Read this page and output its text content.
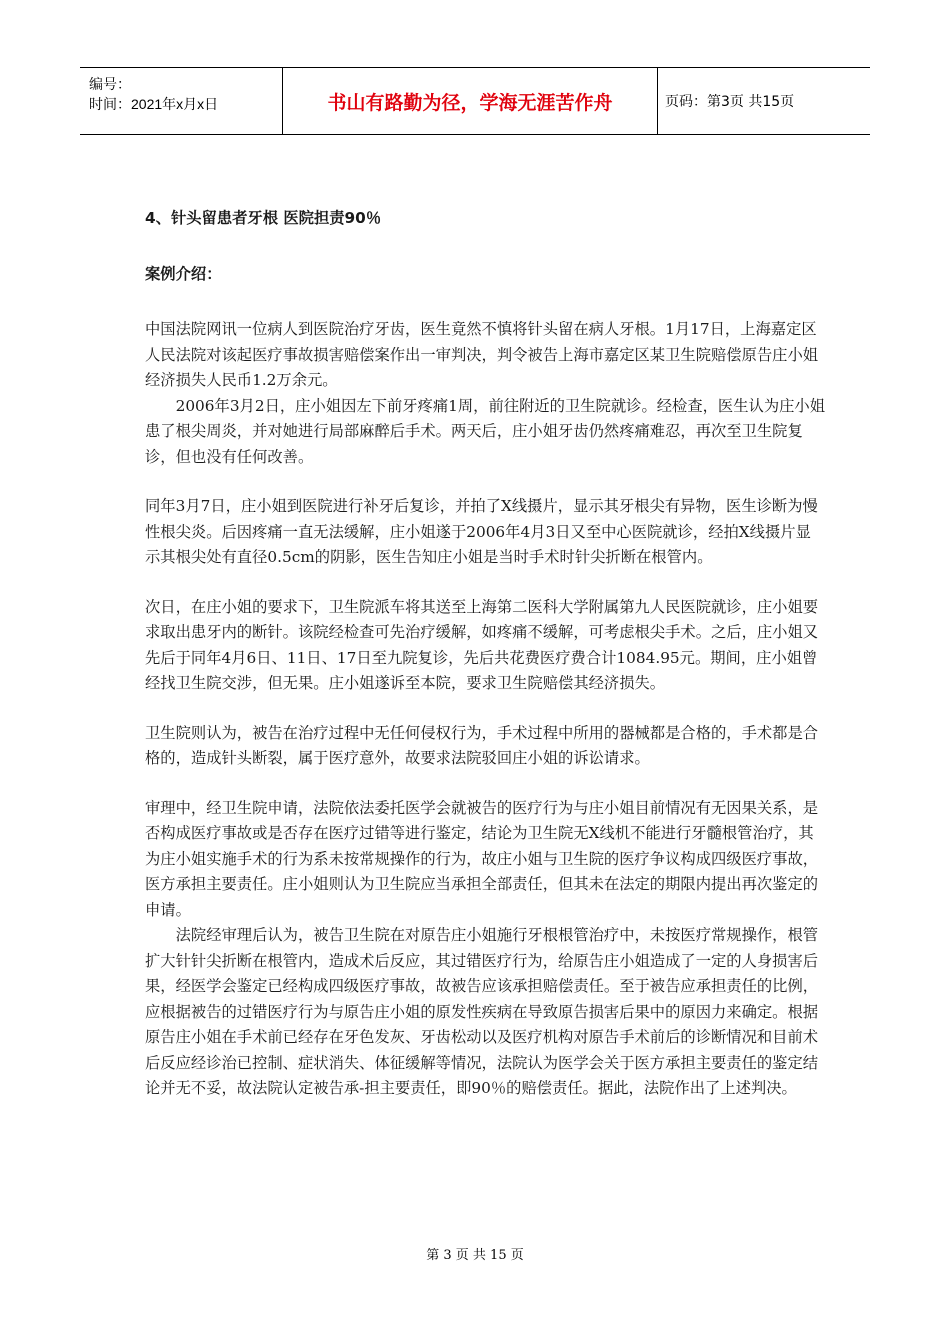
编号：
时间：2021年x月x日	书山有路勤为径，学海无涯苦作舟	页码：第3页 共15页

4、针头留患者牙根 医院担责90％

案例介绍：

中国法院网讯一位病人到医院治疗牙齿，医生竟然不慎将针头留在病人牙根。1月17日，上海嘉定区人民法院对该起医疗事故损害赔偿案作出一审判决，判令被告上海市嘉定区某卫生院赔偿原告庄小姐经济损失人民币1.2万余元。

2006年3月2日，庄小姐因左下前牙疼痛1周，前往附近的卫生院就诊。经检查，医生认为庄小姐患了根尖周炎，并对她进行局部麻醉后手术。两天后，庄小姐牙齿仍然疼痛难忍，再次至卫生院复诊，但也没有任何改善。

同年3月7日，庄小姐到医院进行补牙后复诊，并拍了X线摄片，显示其牙根尖有异物，医生诊断为慢性根尖炎。后因疼痛一直无法缓解，庄小姐遂于2006年4月3日又至中心医院就诊，经拍X线摄片显示其根尖处有直径0.5cm的阴影，医生告知庄小姐是当时手术时针尖折断在根管内。

次日，在庄小姐的要求下，卫生院派车将其送至上海第二医科大学附属第九人民医院就诊，庄小姐要求取出患牙内的断针。该院经检查可先治疗缓解，如疼痛不缓解，可考虑根尖手术。之后，庄小姐又先后于同年4月6日、11日、17日至九院复诊，先后共花费医疗费合计1084.95元。期间，庄小姐曾经找卫生院交涉，但无果。庄小姐遂诉至本院，要求卫生院赔偿其经济损失。

卫生院则认为，被告在治疗过程中无任何侵权行为，手术过程中所用的器械都是合格的，手术都是合格的，造成针头断裂，属于医疗意外，故要求法院驳回庄小姐的诉讼请求。

审理中，经卫生院申请，法院依法委托医学会就被告的医疗行为与庄小姐目前情况有无因果关系，是否构成医疗事故或是否存在医疗过错等进行鉴定，结论为卫生院无X线机不能进行牙髓根管治疗，其为庄小姐实施手术的行为系未按常规操作的行为，故庄小姐与卫生院的医疗争议构成四级医疗事故，医方承担主要责任。庄小姐则认为卫生院应当承担全部责任，但其未在法定的期限内提出再次鉴定的申请。

法院经审理后认为，被告卫生院在对原告庄小姐施行牙根根管治疗中，未按医疗常规操作，根管扩大针针尖折断在根管内，造成术后反应，其过错医疗行为，给原告庄小姐造成了一定的人身损害后果，经医学会鉴定已经构成四级医疗事故，故被告应该承担赔偿责任。至于被告应承担责任的比例，应根据被告的过错医疗行为与原告庄小姐的原发性疾病在导致原告损害后果中的原因力来确定。根据原告庄小姐在手术前已经存在牙色发灰、牙齿松动以及医疗机构对原告手术前后的诊断情况和目前术后反应经诊治已控制、症状消失、体征缓解等情况，法院认为医学会关于医方承担主要责任的鉴定结论并无不妥，故法院认定被告承-担主要责任，即90％的赔偿责任。据此，法院作出了上述判决。

第 3 页 共 15 页
